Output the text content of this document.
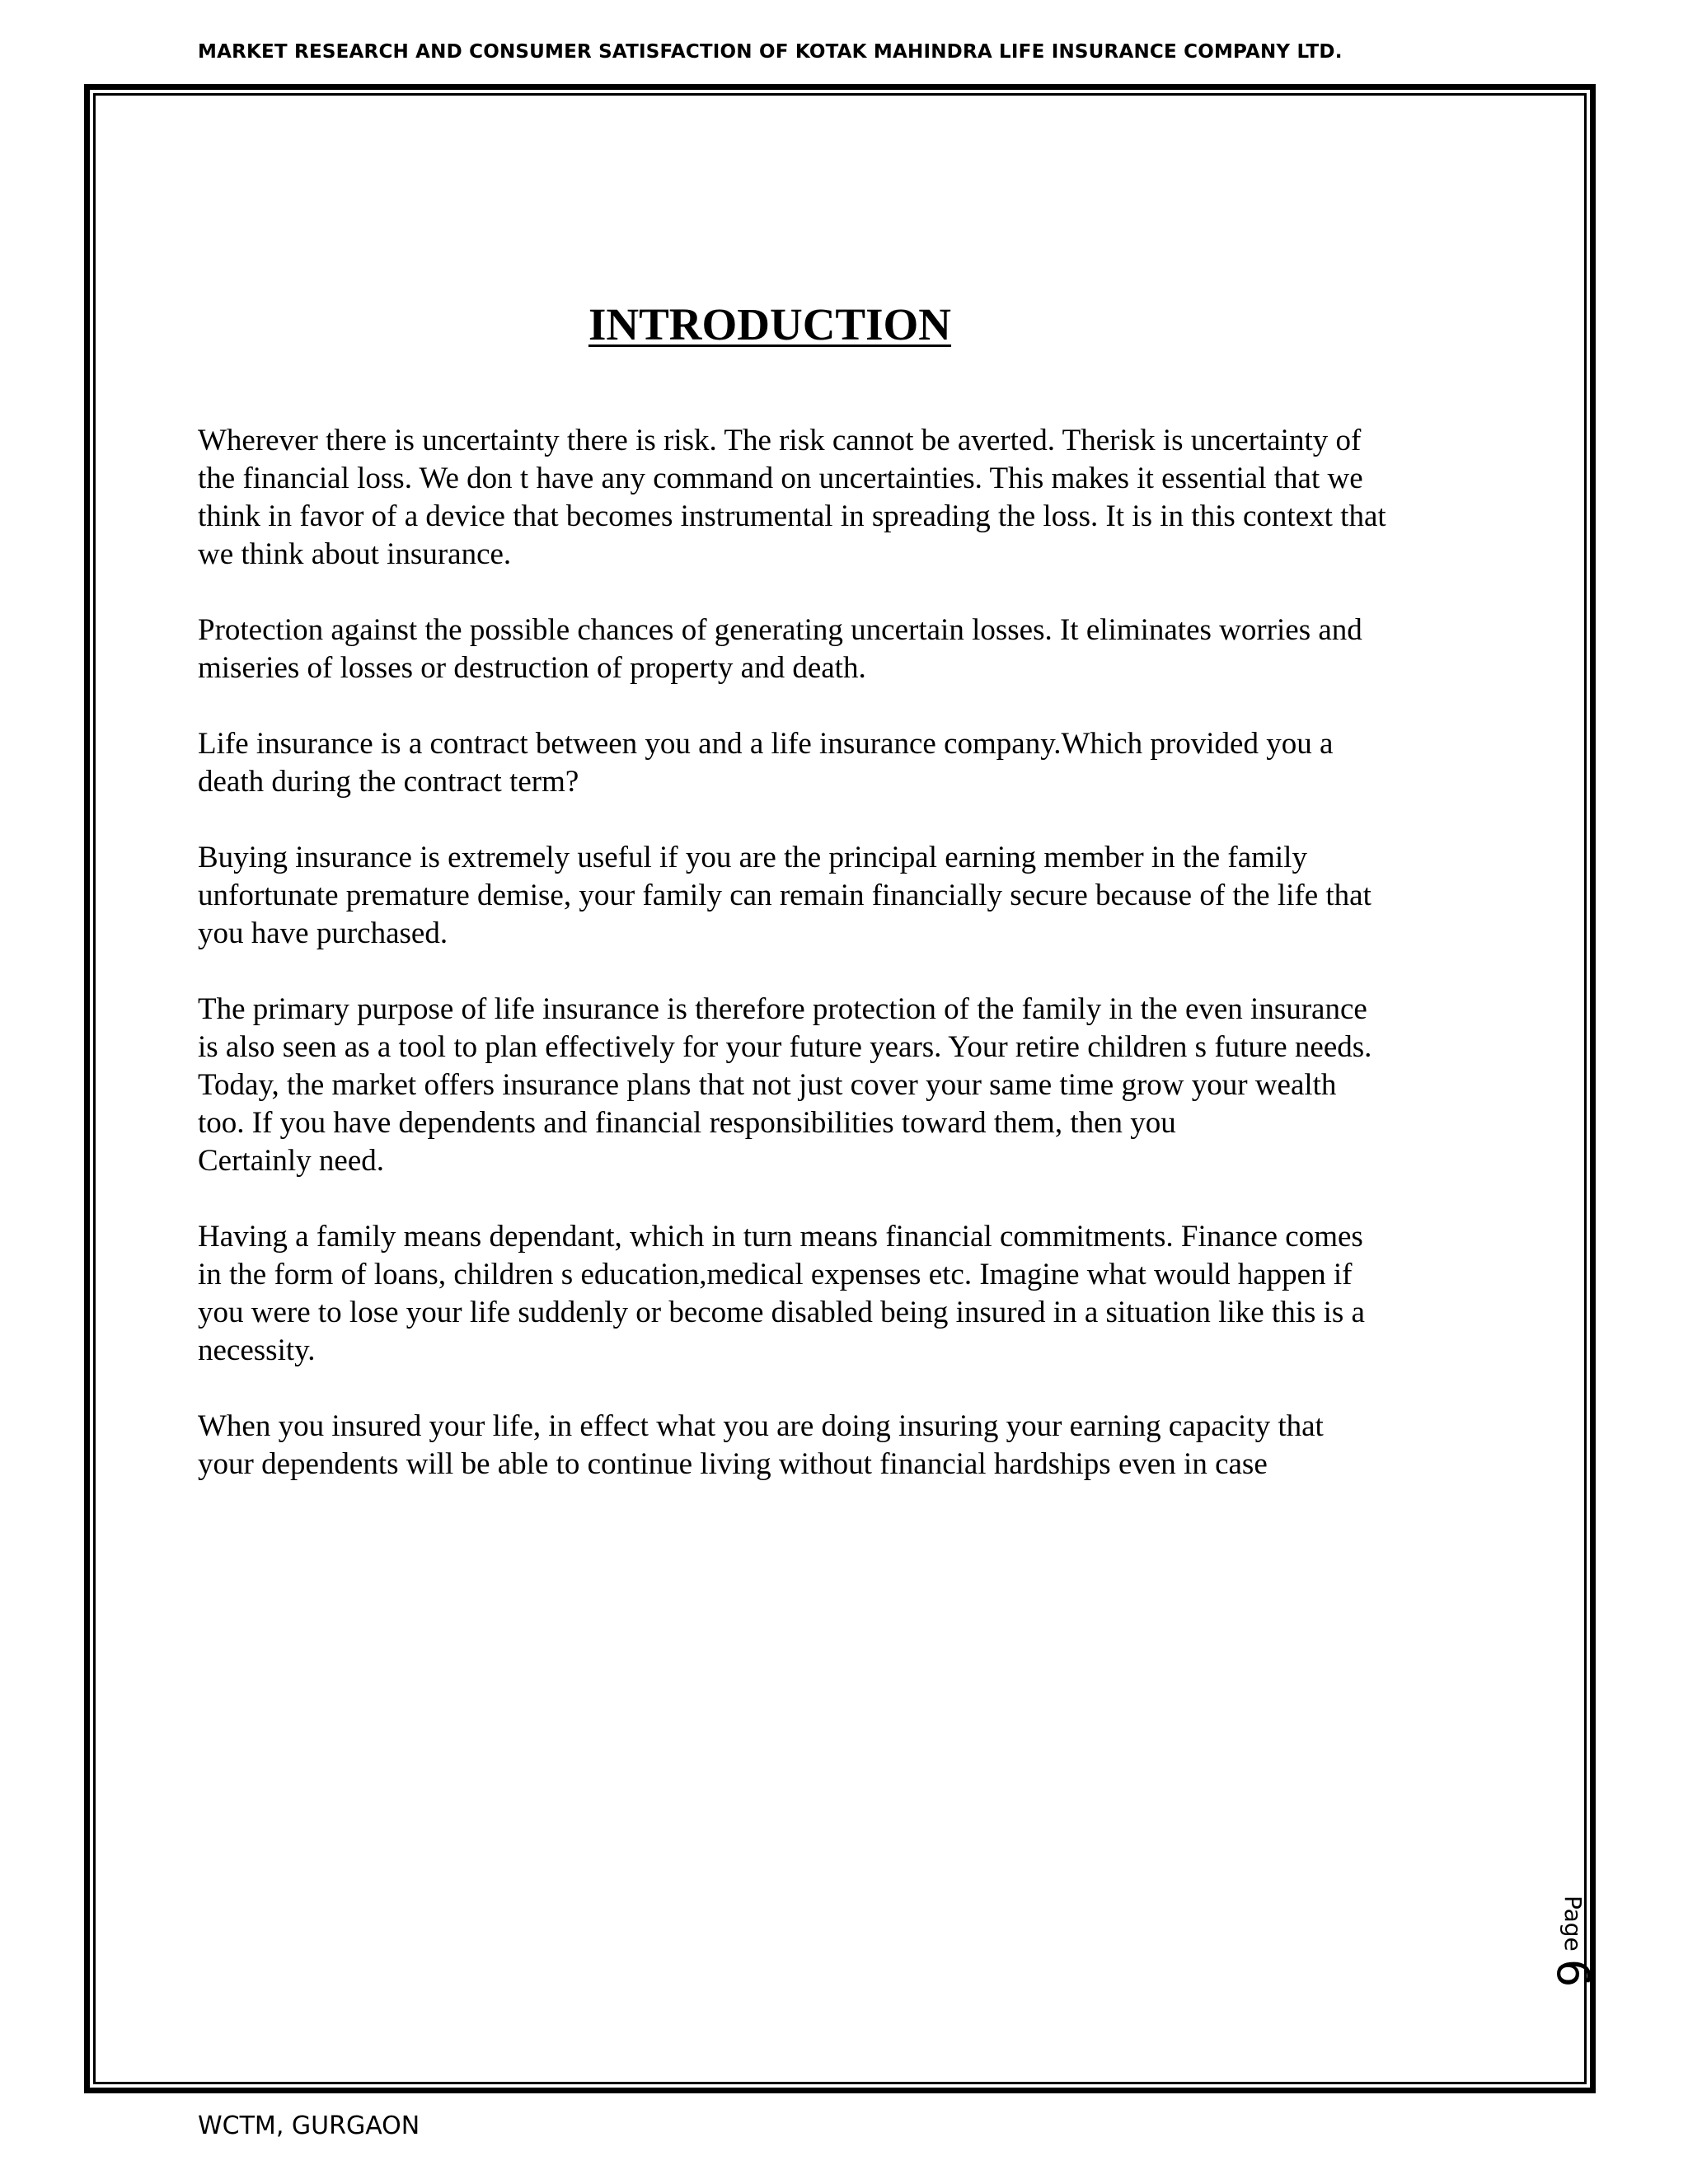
MARKET RESEARCH AND CONSUMER SATISFACTION OF KOTAK MAHINDRA LIFE INSURANCE COMPANY LTD.
INTRODUCTION

Wherever there is uncertainty there is risk. The risk cannot be averted. Therisk is uncertainty of
the financial loss. We don t have any command on uncertainties. This makes it essential that we
think in favor of a device that becomes instrumental in spreading the loss. It is in this context that
we think about insurance.

Protection against the possible chances of generating uncertain losses. It eliminates worries and
miseries of losses or destruction of property and death.

Life insurance is a contract between you and a life insurance company.Which provided you a
death during the contract term?

Buying insurance is extremely useful if you are the principal earning member in the family
unfortunate premature demise, your family can remain financially secure because of the life that
you have purchased.

The primary purpose of life insurance is therefore protection of the family in the even insurance
is also seen as a tool to plan effectively for your future years. Your retire children s future needs.
Today, the market offers insurance plans that not just cover your same time grow your wealth
too. If you have dependents and financial responsibilities toward them, then you
Certainly need.

Having a family means dependant, which in turn means financial commitments. Finance comes
in the form of loans, children s education,medical expenses etc. Imagine what would happen if
you were to lose your life suddenly or become disabled being insured in a situation like this is a
necessity.

When you insured your life, in effect what you are doing insuring your earning capacity that
your dependents will be able to continue living without financial hardships even in case

Page 6
WCTM, GURGAON
